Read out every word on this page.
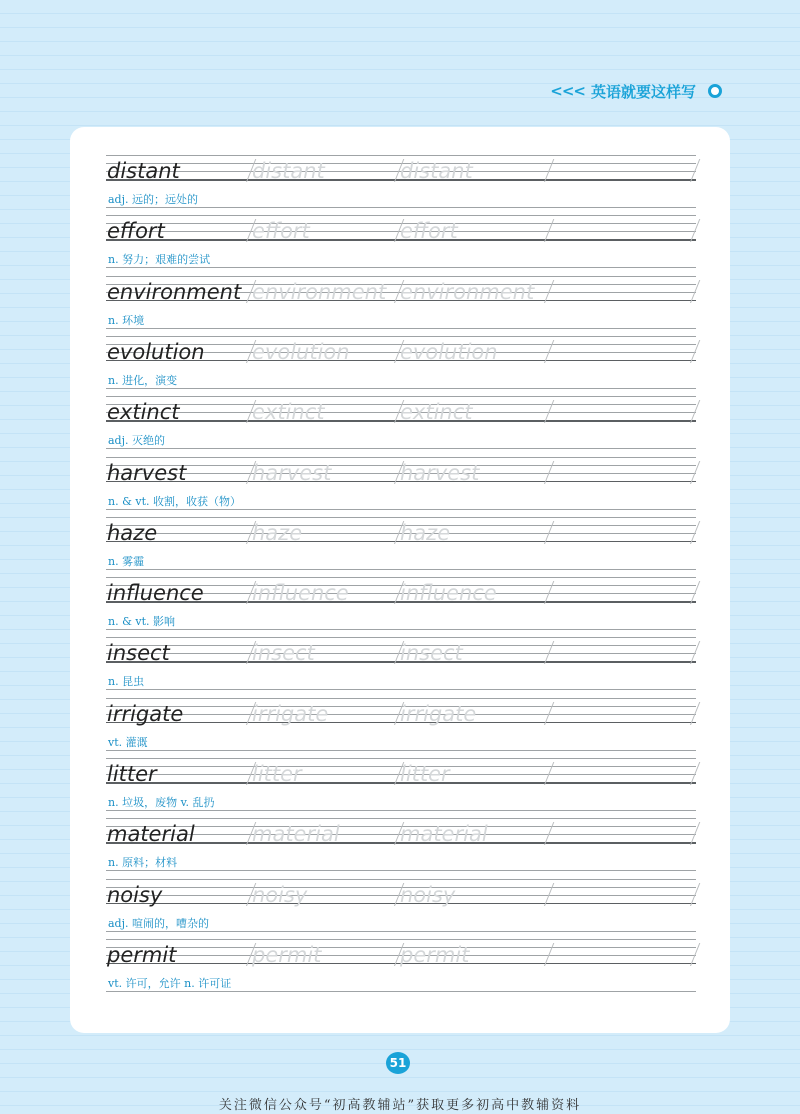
<<< 英语就要这样写
distant	distant	distant
adj. 远的；远处的
effort	effort	effort
n. 努力；艰难的尝试
environment environment environment
n. 环境
evolution evolution evolution
n. 进化，演变
extinct	extinct	extinct
adj. 灭绝的
harvest	harvest	harvest
n. & vt. 收割，收获（物）
haze	haze	haze
n. 雾霾
influence influence influence
n. & vt. 影响
insect	insect	insect
n. 昆虫
irrigate	irrigate	irrigate
vt. 灌溉
litter	litter	litter
n. 垃圾，废物 v. 乱扔
material	material	material
n. 原料；材料
noisy	noisy	noisy
adj. 喧闹的，嘈杂的
permit	permit	permit
vt. 许可，允许 n. 许可证
51
关注微信公众号“初高教辅站”获取更多初高中教辅资料
